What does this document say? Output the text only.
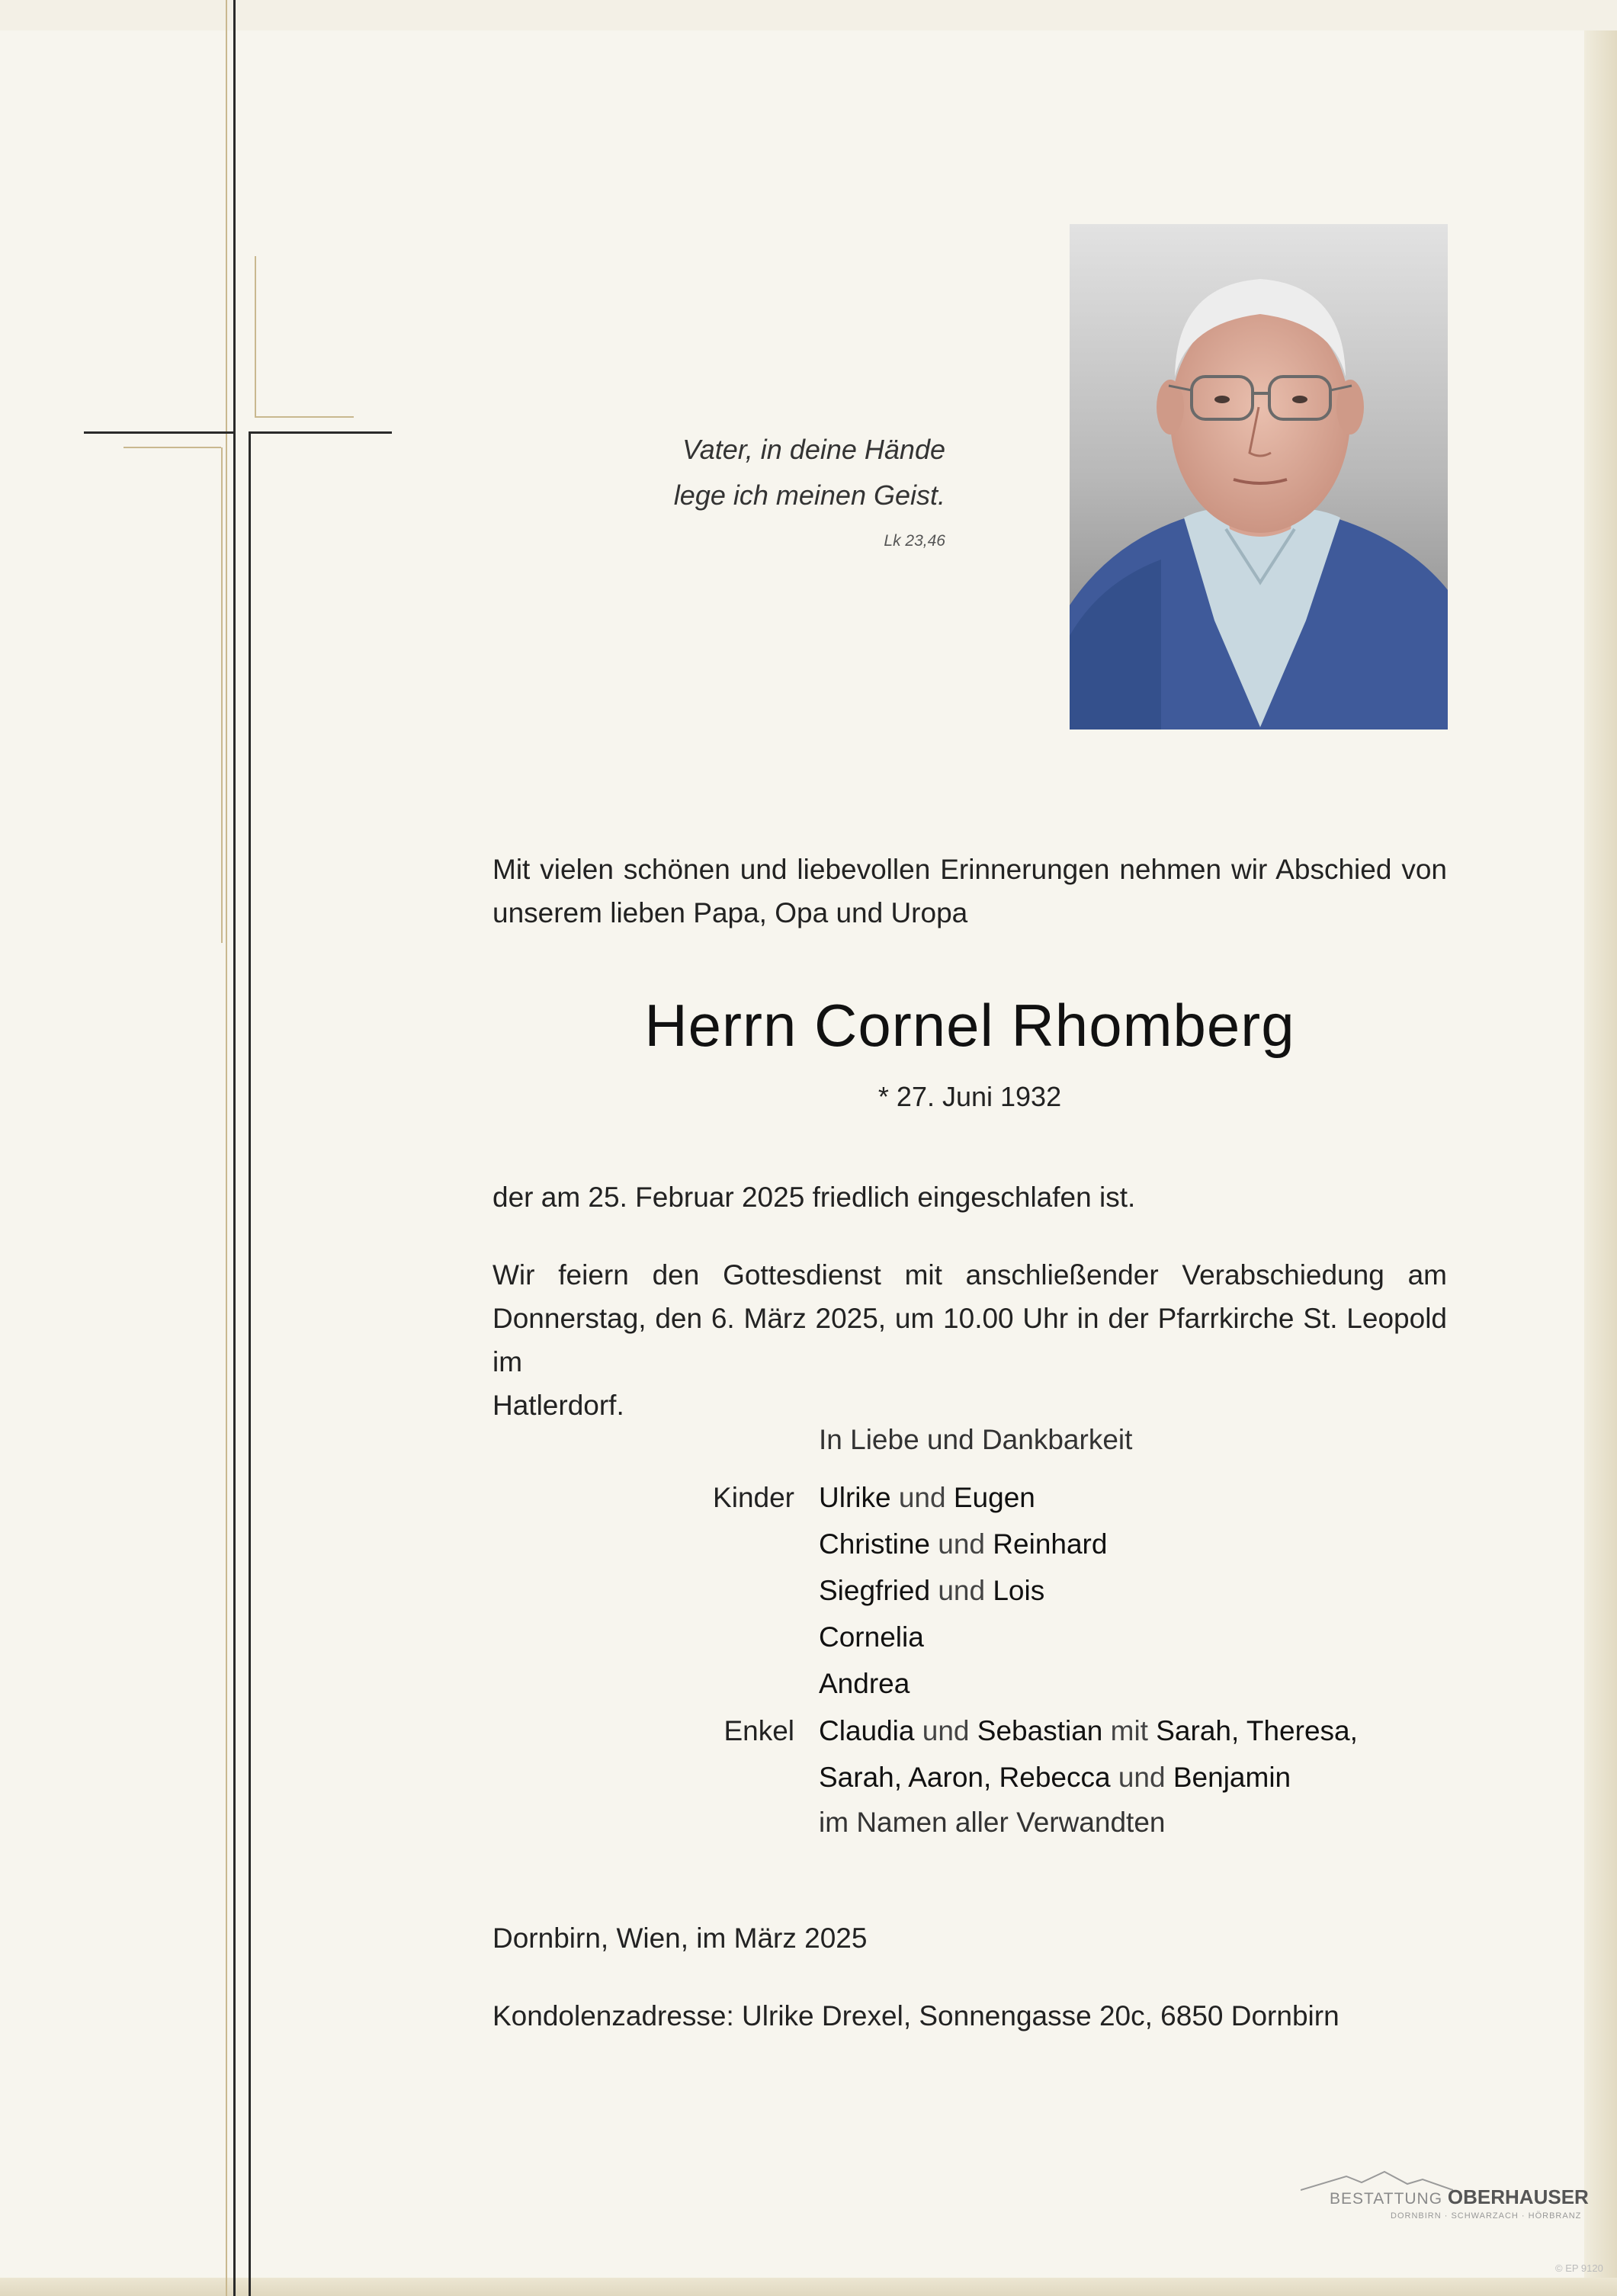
Vater, in deine Hände
lege ich meinen Geist.
Lk 23,46
Mit vielen schönen und liebevollen Erinnerungen nehmen wir Abschied von
unserem lieben Papa, Opa und Uropa
Herrn Cornel Rhomberg
* 27. Juni 1932
der am 25. Februar 2025 friedlich eingeschlafen ist.
Wir feiern den Gottesdienst mit anschließender Verabschiedung am
Donnerstag, den 6. März 2025, um 10.00 Uhr in der Pfarrkirche St. Leopold im
Hatlerdorf.
In Liebe und Dankbarkeit
Kinder Ulrike und Eugen
Christine und Reinhard
Siegfried und Lois
Cornelia
Andrea
Enkel Claudia und Sebastian mit Sarah, Theresa,
Sarah, Aaron, Rebecca und Benjamin
im Namen aller Verwandten
Dornbirn, Wien, im März 2025
Kondolenzadresse: Ulrike Drexel, Sonnengasse 20c, 6850 Dornbirn
BESTATTUNG OBERHAUSER
DORNBIRN · SCHWARZACH · HÖRBRANZ
© EP 9120
